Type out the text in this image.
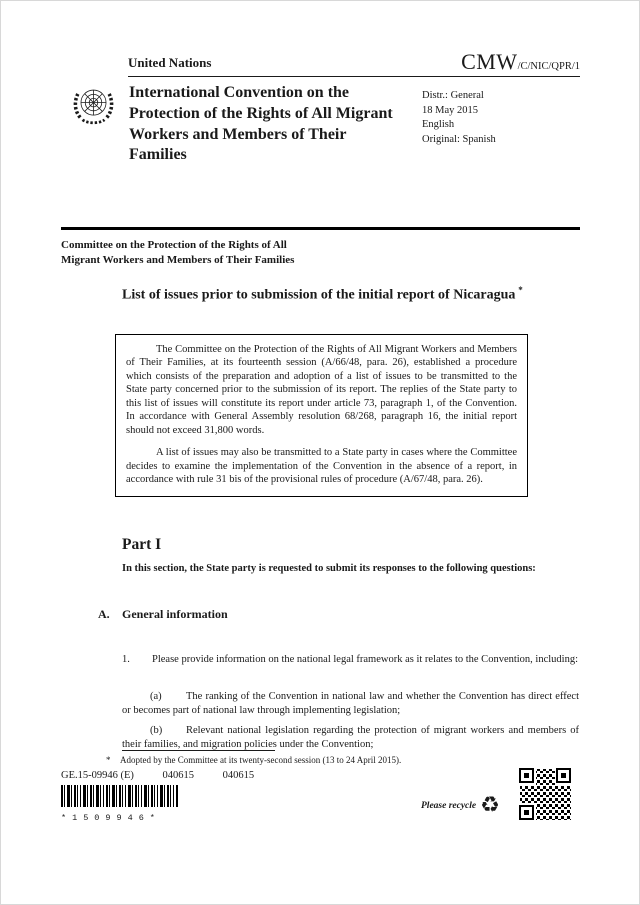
United Nations	CMW/C/NIC/QPR/1
International Convention on the Protection of the Rights of All Migrant Workers and Members of Their Families
Distr.: General
18 May 2015
English
Original: Spanish
Committee on the Protection of the Rights of All
Migrant Workers and Members of Their Families
List of issues prior to submission of the initial report of Nicaragua  *

The Committee on the Protection of the Rights of All Migrant Workers and Members of Their Families, at its fourteenth session (A/66/48, para. 26), established a procedure which consists of the preparation and adoption of a list of issues to be transmitted to the State party concerned prior to the submission of its report. The replies of the State party to this list of issues will constitute its report under article 73, paragraph 1, of the Convention. In accordance with General Assembly resolution 68/268, paragraph 16, the initial report should not exceed 31,800 words.

A list of issues may also be transmitted to a State party in cases where the Committee decides to examine the implementation of the Convention in the absence of a report, in accordance with rule 31 bis of the provisional rules of procedure (A/67/48, para. 26).

Part I
In this section, the State party is requested to submit its responses to the following questions:
A. General information
1. Please provide information on the national legal framework as it relates to the Convention, including:
(a) The ranking of the Convention in national law and whether the Convention has direct effect or becomes part of national law through implementing legislation;
(b) Relevant national legislation regarding the protection of migrant workers and members of their families, and migration policies under the Convention;
* Adopted by the Committee at its twenty-second session (13 to 24 April 2015).
GE.15-09946 (E)	040615	040615
*1509946*
Please recycle ♻
